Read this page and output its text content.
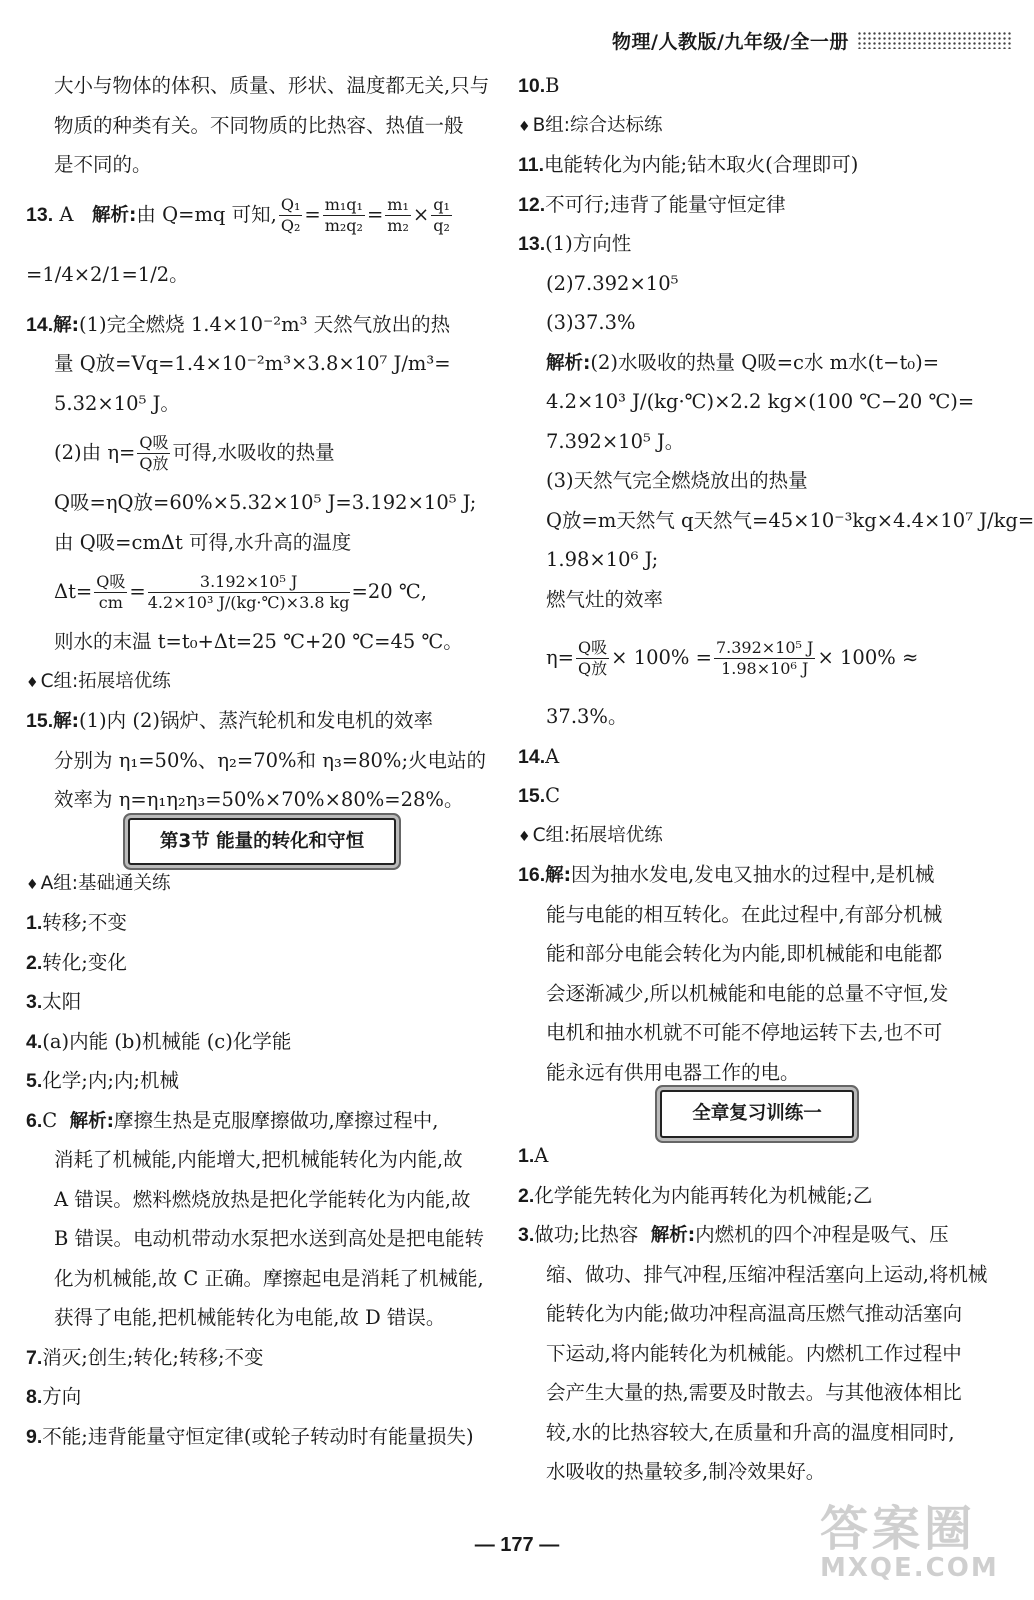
物理/人教版/九年级/全一册
大小与物体的体积、质量、形状、温度都无关,只与
物质的种类有关。不同物质的比热容、热值一般
是不同的。
13. A 解析:由 Q=mq 可知, $\frac{\text{Q₁}}{\text{Q₂}} = \frac{\text{m₁q₁}}{\text{m₂q₂}} = \frac{\text{m₁}}{\text{m₂}} \times \frac{\text{q₁}}{\text{q₂}}$
=1/4×2/1=1/2。
14.解:(1)完全燃烧 1.4×10⁻²m³ 天然气放出的热
量 Q放=Vq=1.4×10⁻²m³×3.8×10⁷ J/m³=
5.32×10⁵ J。
(2)由 $\eta= \frac{\text{Q吸}}{\text{Q放}}$ 可得,水吸收的热量
Q吸=ηQ放=60%×5.32×10⁵ J=3.192×10⁵ J;
由 Q吸=cmΔt 可得,水升高的温度
$\Delta t= \frac{\text{Q吸}}{cm} = \frac{\text{3.192×10⁵ J}}{\text{4.2×10³ J/(kg·℃)×3.8 kg}} =20$ ℃,
则水的末温 t=t₀+Δt=25 ℃+20 ℃=45 ℃。
♦ C组:拓展培优练
15.解:(1)内 (2)锅炉、蒸汽轮机和发电机的效率
分别为 η₁=50%、η₂=70%和 η₃=80%;火电站的
效率为 η=η₁η₂η₃=50%×70%×80%=28%。
第3节 能量的转化和守恒
♦ A组:基础通关练
1.转移;不变
2.转化;变化
3.太阳
4.(a)内能 (b)机械能 (c)化学能
5.化学;内;内;机械
6.C 解析:摩擦生热是克服摩擦做功,摩擦过程中,
消耗了机械能,内能增大,把机械能转化为内能,故
A 错误。燃料燃烧放热是把化学能转化为内能,故
B 错误。电动机带动水泵把水送到高处是把电能转
化为机械能,故 C 正确。摩擦起电是消耗了机械能,
获得了电能,把机械能转化为电能,故 D 错误。
7.消灭;创生;转化;转移;不变
8.方向
9.不能;违背能量守恒定律(或轮子转动时有能量损失)
10.B
♦ B组:综合达标练
11.电能转化为内能;钻木取火(合理即可)
12.不可行;违背了能量守恒定律
13.(1)方向性
(2)7.392×10⁵
(3)37.3%
解析:(2)水吸收的热量 Q吸=c水 m水(t−t₀)=
4.2×10³ J/(kg·℃)×2.2 kg×(100 ℃−20 ℃)=
7.392×10⁵ J。
(3)天然气完全燃烧放出的热量
Q放=m天然气 q天然气=45×10⁻³kg×4.4×10⁷ J/kg=
1.98×10⁶ J;
燃气灶的效率
$\eta= \frac{\text{Q吸}}{\text{Q放}} \times 100\% = \frac{\text{7.392×10⁵ J}}{\text{1.98×10⁶ J}} \times 100\%$ ≈
37.3%。
14.A
15.C
♦ C组:拓展培优练
16.解:因为抽水发电,发电又抽水的过程中,是机械
能与电能的相互转化。在此过程中,有部分机械
能和部分电能会转化为内能,即机械能和电能都
会逐渐减少,所以机械能和电能的总量不守恒,发
电机和抽水机就不可能不停地运转下去,也不可
能永远有供用电器工作的电。
全章复习训练一
1.A
2.化学能先转化为内能再转化为机械能;乙
3.做功;比热容 解析:内燃机的四个冲程是吸气、压
缩、做功、排气冲程,压缩冲程活塞向上运动,将机械
能转化为内能;做功冲程高温高压燃气推动活塞向
下运动,将内能转化为机械能。内燃机工作过程中
会产生大量的热,需要及时散去。与其他液体相比
较,水的比热容较大,在质量和升高的温度相同时,
水吸收的热量较多,制冷效果好。
— 177 —	答案圈
MXQE.COM
